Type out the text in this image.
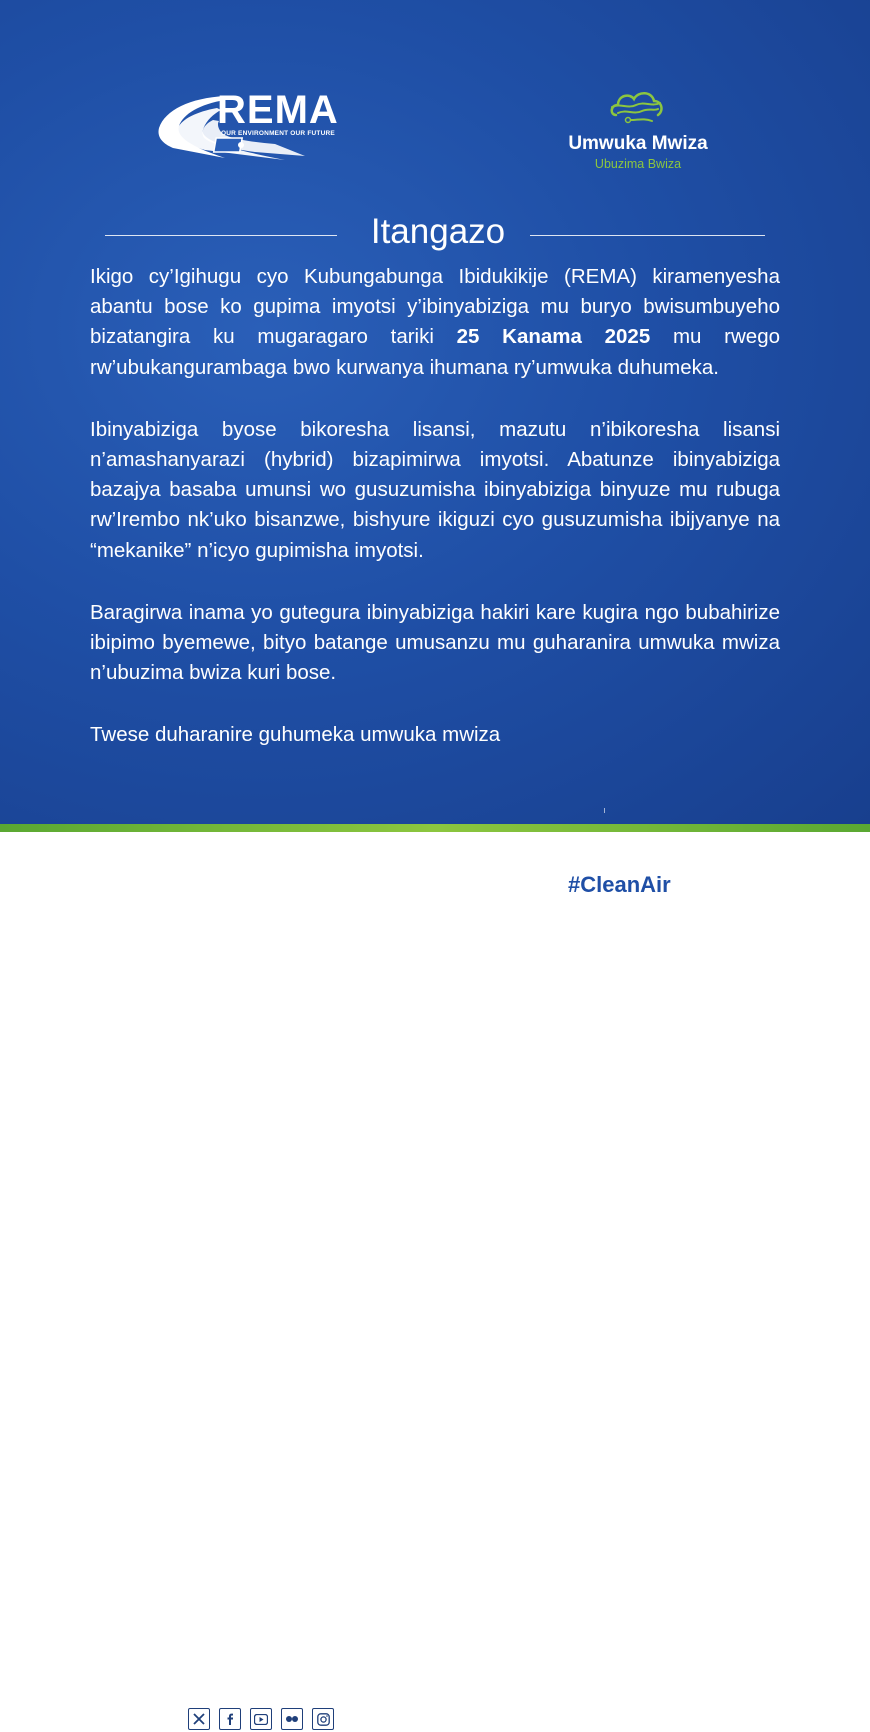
REMA
OUR ENVIRONMENT OUR FUTURE	Umwuka Mwiza
Ubuzima Bwiza
Itangazo

Ikigo cy’Igihugu cyo Kubungabunga Ibidukikije (REMA) kiramenyesha abantu bose ko gupima imyotsi y’ibinyabiziga mu buryo bwisumbuyeho bizatangira ku mugaragaro tariki 25 Kanama 2025 mu rwego rw’ubukangurambaga bwo kurwanya ihumana ry’umwuka duhumeka.

Ibinyabiziga byose bikoresha lisansi, mazutu n’ibikoresha lisansi n’amashanyarazi (hybrid) bizapimirwa imyotsi. Abatunze ibinyabiziga bazajya basaba umunsi wo gusuzumisha ibinyabiziga binyuze mu rubuga rw’Irembo nk’uko bisanzwe, bishyure ikiguzi cyo gusuzumisha ibijyanye na “mekanike” n’icyo gupimisha imyotsi.

Baragirwa inama yo gutegura ibinyabiziga hakiri kare kugira ngo bubahirize ibipimo byemewe, bityo batange umusanzu mu guharanira umwuka mwiza n’ubuzima bwiza kuri bose.

Twese duharanire guhumeka umwuka mwiza

#CleanAir
